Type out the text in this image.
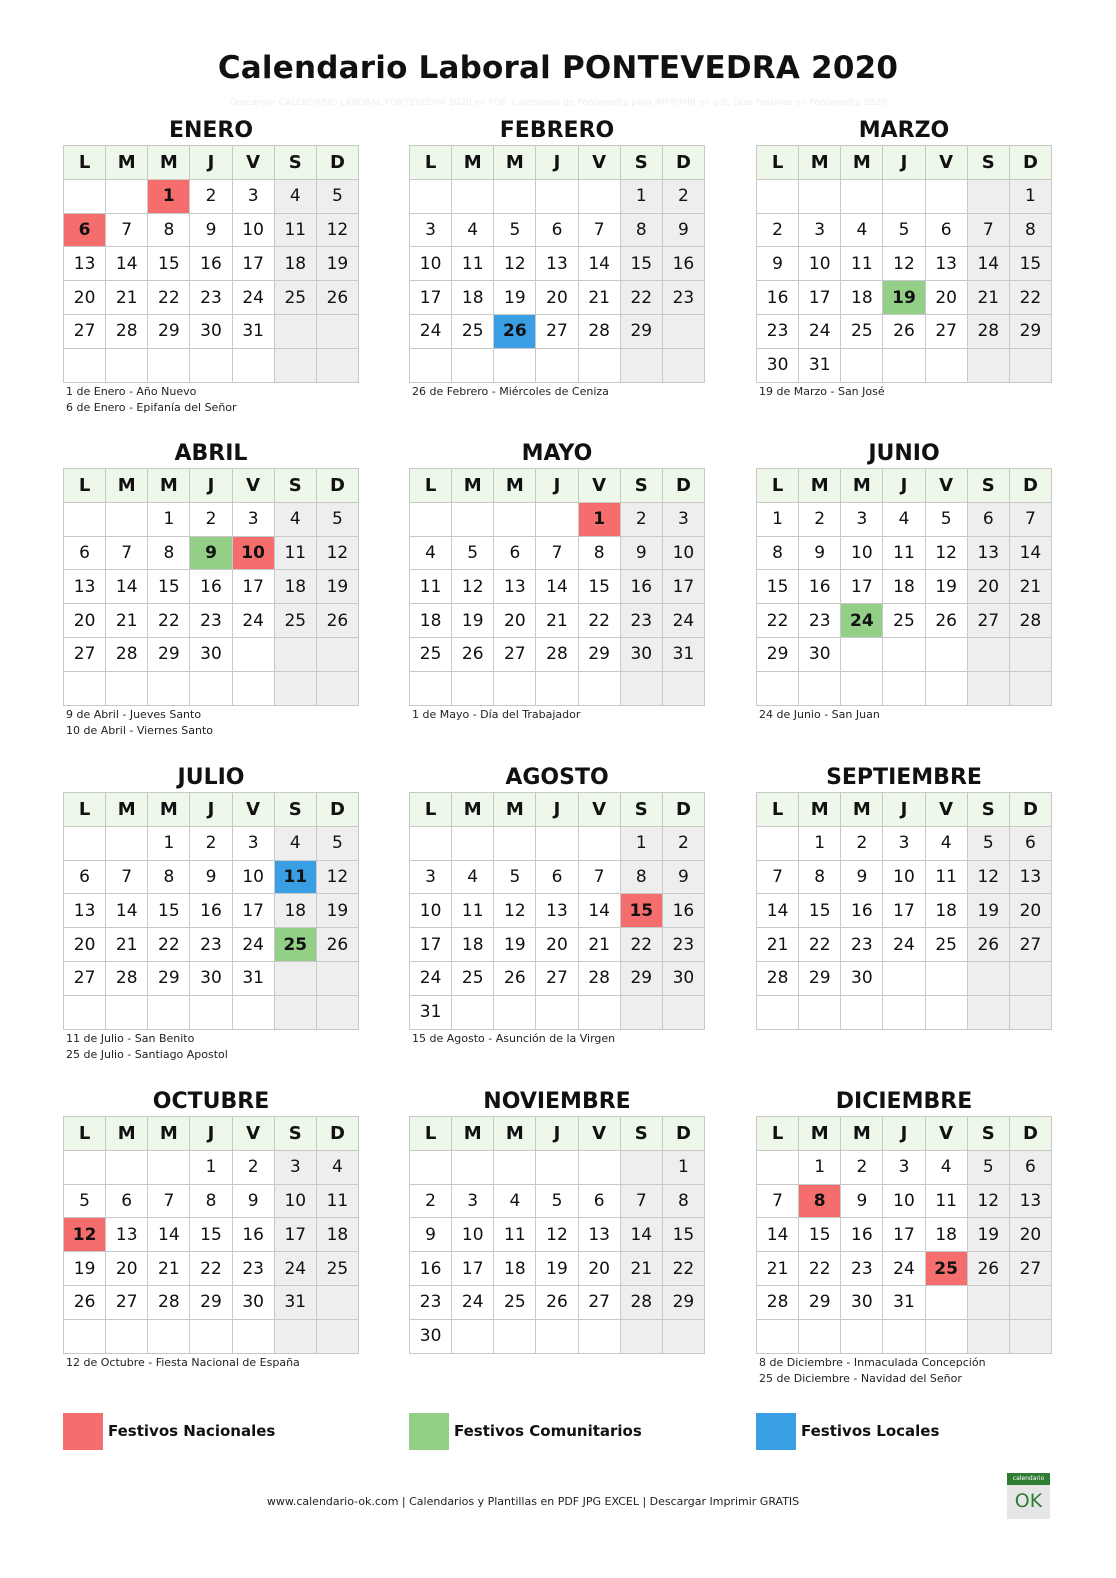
Calendario Laboral PONTEVEDRA 2020
Descargar CALENDARIO LABORAL PONTEVEDRA 2020 en PDF, Calendario de Pontevedra para IMPRIMIR en pdf, Días Festivos en Pontevedra 2020
ENERO
L	M	M	J	V	S	D
		1	2	3	4	5
6	7	8	9	10	11	12
13	14	15	16	17	18	19
20	21	22	23	24	25	26
27	28	29	30	31		

1 de Enero - Año Nuevo
6 de Enero - Epifanía del Señor
FEBRERO
L	M	M	J	V	S	D
					1	2
3	4	5	6	7	8	9
10	11	12	13	14	15	16
17	18	19	20	21	22	23
24	25	26	27	28	29	

26 de Febrero - Miércoles de Ceniza
MARZO
L	M	M	J	V	S	D
						1
2	3	4	5	6	7	8
9	10	11	12	13	14	15
16	17	18	19	20	21	22
23	24	25	26	27	28	29
30	31					
19 de Marzo - San José
ABRIL
L	M	M	J	V	S	D
		1	2	3	4	5
6	7	8	9	10	11	12
13	14	15	16	17	18	19
20	21	22	23	24	25	26
27	28	29	30			

9 de Abril - Jueves Santo
10 de Abril - Viernes Santo
MAYO
L	M	M	J	V	S	D
				1	2	3
4	5	6	7	8	9	10
11	12	13	14	15	16	17
18	19	20	21	22	23	24
25	26	27	28	29	30	31

1 de Mayo - Día del Trabajador
JUNIO
L	M	M	J	V	S	D
1	2	3	4	5	6	7
8	9	10	11	12	13	14
15	16	17	18	19	20	21
22	23	24	25	26	27	28
29	30					

24 de Junio - San Juan
JULIO
L	M	M	J	V	S	D
		1	2	3	4	5
6	7	8	9	10	11	12
13	14	15	16	17	18	19
20	21	22	23	24	25	26
27	28	29	30	31		

11 de Julio - San Benito
25 de Julio - Santiago Apostol
AGOSTO
L	M	M	J	V	S	D
					1	2
3	4	5	6	7	8	9
10	11	12	13	14	15	16
17	18	19	20	21	22	23
24	25	26	27	28	29	30
31						
15 de Agosto - Asunción de la Virgen
SEPTIEMBRE
L	M	M	J	V	S	D
	1	2	3	4	5	6
7	8	9	10	11	12	13
14	15	16	17	18	19	20
21	22	23	24	25	26	27
28	29	30				

OCTUBRE
L	M	M	J	V	S	D
			1	2	3	4
5	6	7	8	9	10	11
12	13	14	15	16	17	18
19	20	21	22	23	24	25
26	27	28	29	30	31	

12 de Octubre - Fiesta Nacional de España
NOVIEMBRE
L	M	M	J	V	S	D
						1
2	3	4	5	6	7	8
9	10	11	12	13	14	15
16	17	18	19	20	21	22
23	24	25	26	27	28	29
30						
DICIEMBRE
L	M	M	J	V	S	D
	1	2	3	4	5	6
7	8	9	10	11	12	13
14	15	16	17	18	19	20
21	22	23	24	25	26	27
28	29	30	31			

8 de Diciembre - Inmaculada Concepción
25 de Diciembre - Navidad del Señor
Festivos Nacionales	Festivos Comunitarios	Festivos Locales
www.calendario-ok.com | Calendarios y Plantillas en PDF JPG EXCEL | Descargar Imprimir GRATIS
calendario
OK
